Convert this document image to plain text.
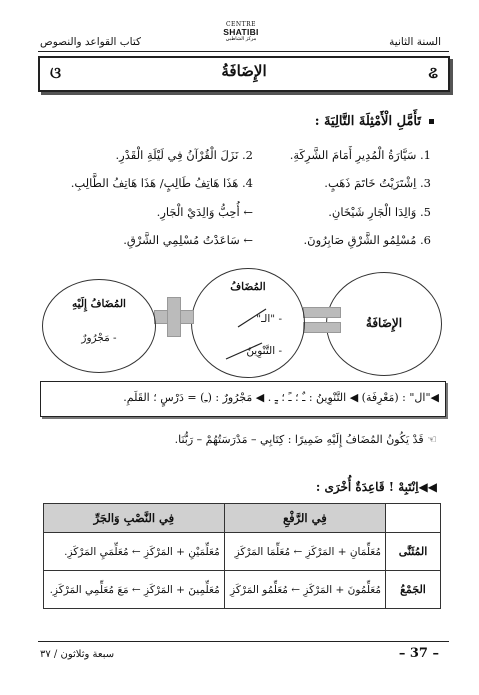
السنة الثانية
كتاب القواعد والنصوص
CENTRE
SHATIBI
مركز الشاطبي
ଌ
الإِضَافَةُ
ଓ
تَأَمَّلِ الْأَمْثِلَةَ التَّالِيَةَ :
1. سَيَّارَةُ الْمُدِيرِ أَمَامَ الشَّرِكَةِ.
2. نَزَلَ الْقُرْآنُ فِي لَيْلَةِ الْقَدْرِ.
3. اِشْتَرَيْتُ خَاتَمَ ذَهَبٍ.
4. هَذَا هَاتِفُ طَالِبٍ/ هَذَا هَاتِفُ الطَّالِبِ.
5. وَالِدَا الْجَارِ شَيْخَانِ.
← أُحِبُّ وَالِدَيْ الْجَارِ.
6. مُسْلِمُو الشَّرْقِ صَابِرُونَ.
← سَاعَدْتُ مُسْلِمِي الشَّرْقِ.
الإِضَافَةُ
المُضَافُ
- "الـ"
- التَّنْوِينُ
المُضَافُ إِلَيْهِ
- مَجْرُورٌ
◀"ال" : (مَعْرِفَة) ◀ التَّنْوِينُ : ـٌ ؛ ـً ؛ ـٍ . ◀ مَجْرُورٌ : (ـِ) = دَرْسٍ ؛ القَلَمِ.
☜ قَدْ يَكُونُ المُضَافُ إِلَيْهِ ضَمِيرًا : كِتَابِي – مَدْرَسَتُهُمْ – رَبُّنَا.
◀◀اِنْتَبِهْ ! قَاعِدَةٌ أُخْرَى :
	فِي الرَّفْعِ	فِي النَّصْبِ وَالجَرِّ
المُثَنَّى	مُعَلِّمَانِ + المَرْكَزِ ← مُعَلِّمَا المَرْكَزِ	مُعَلِّمَيْنِ + المَرْكَزِ ← مُعَلِّمَيِ المَرْكَزِ.
الجَمْعُ	مُعَلِّمُونَ + المَرْكَزِ ← مُعَلِّمُو المَرْكَزِ	مُعَلِّمِينَ + المَرْكَزِ ← مَعَ مُعَلِّمِي المَرْكَزِ.
– 37 –
سبعة وثلاثون / ٣٧
